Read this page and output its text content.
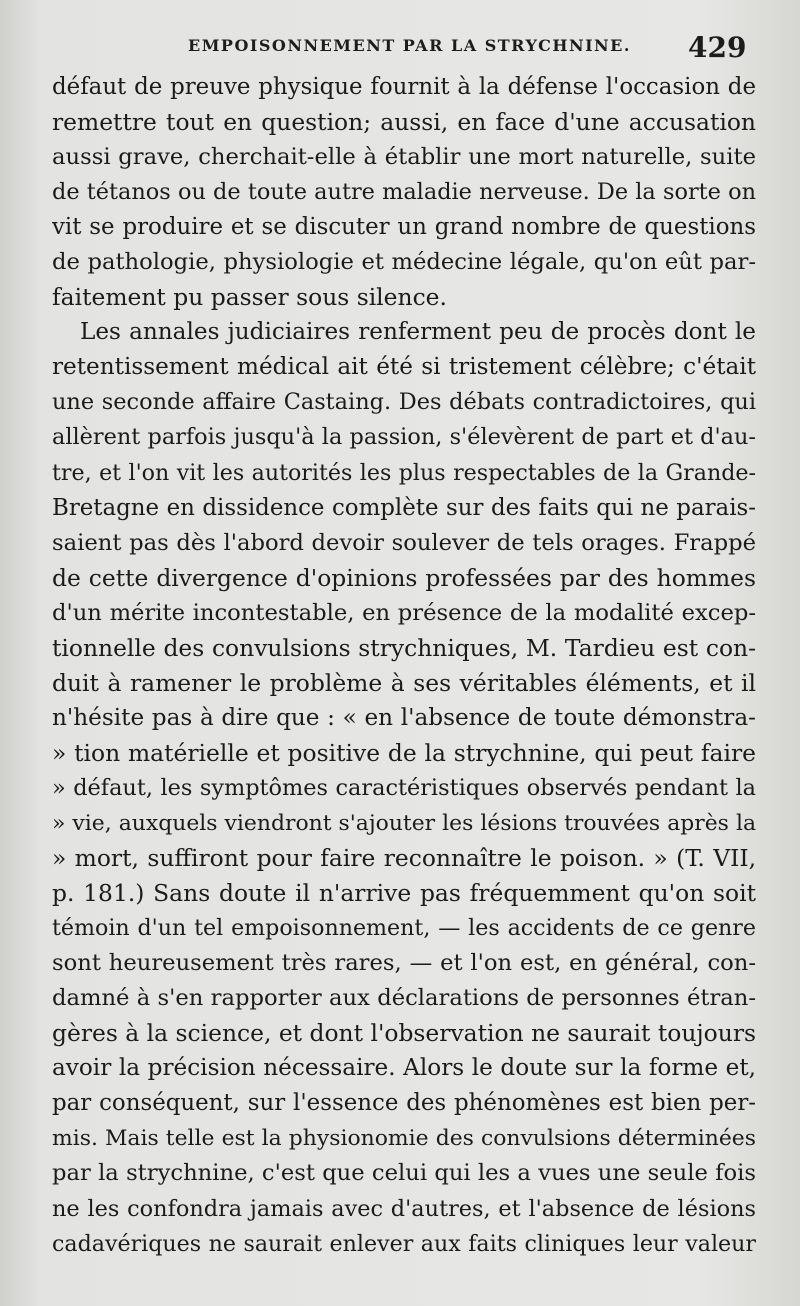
EMPOISONNEMENT PAR LA STRYCHNINE. 429
défaut de preuve physique fournit à la défense l'occasion de
remettre tout en question; aussi, en face d'une accusation
aussi grave, cherchait-elle à établir une mort naturelle, suite
de tétanos ou de toute autre maladie nerveuse. De la sorte on
vit se produire et se discuter un grand nombre de questions
de pathologie, physiologie et médecine légale, qu'on eût par-
faitement pu passer sous silence.
Les annales judiciaires renferment peu de procès dont le
retentissement médical ait été si tristement célèbre; c'était
une seconde affaire Castaing. Des débats contradictoires, qui
allèrent parfois jusqu'à la passion, s'élevèrent de part et d'au-
tre, et l'on vit les autorités les plus respectables de la Grande-
Bretagne en dissidence complète sur des faits qui ne parais-
saient pas dès l'abord devoir soulever de tels orages. Frappé
de cette divergence d'opinions professées par des hommes
d'un mérite incontestable, en présence de la modalité excep-
tionnelle des convulsions strychniques, M. Tardieu est con-
duit à ramener le problème à ses véritables éléments, et il
n'hésite pas à dire que : « en l'absence de toute démonstra-
» tion matérielle et positive de la strychnine, qui peut faire
» défaut, les symptômes caractéristiques observés pendant la
» vie, auxquels viendront s'ajouter les lésions trouvées après la
» mort, suffiront pour faire reconnaître le poison. » (T. VII,
p. 181.) Sans doute il n'arrive pas fréquemment qu'on soit
témoin d'un tel empoisonnement, — les accidents de ce genre
sont heureusement très rares, — et l'on est, en général, con-
damné à s'en rapporter aux déclarations de personnes étran-
gères à la science, et dont l'observation ne saurait toujours
avoir la précision nécessaire. Alors le doute sur la forme et,
par conséquent, sur l'essence des phénomènes est bien per-
mis. Mais telle est la physionomie des convulsions déterminées
par la strychnine, c'est que celui qui les a vues une seule fois
ne les confondra jamais avec d'autres, et l'absence de lésions
cadavériques ne saurait enlever aux faits cliniques leur valeur
